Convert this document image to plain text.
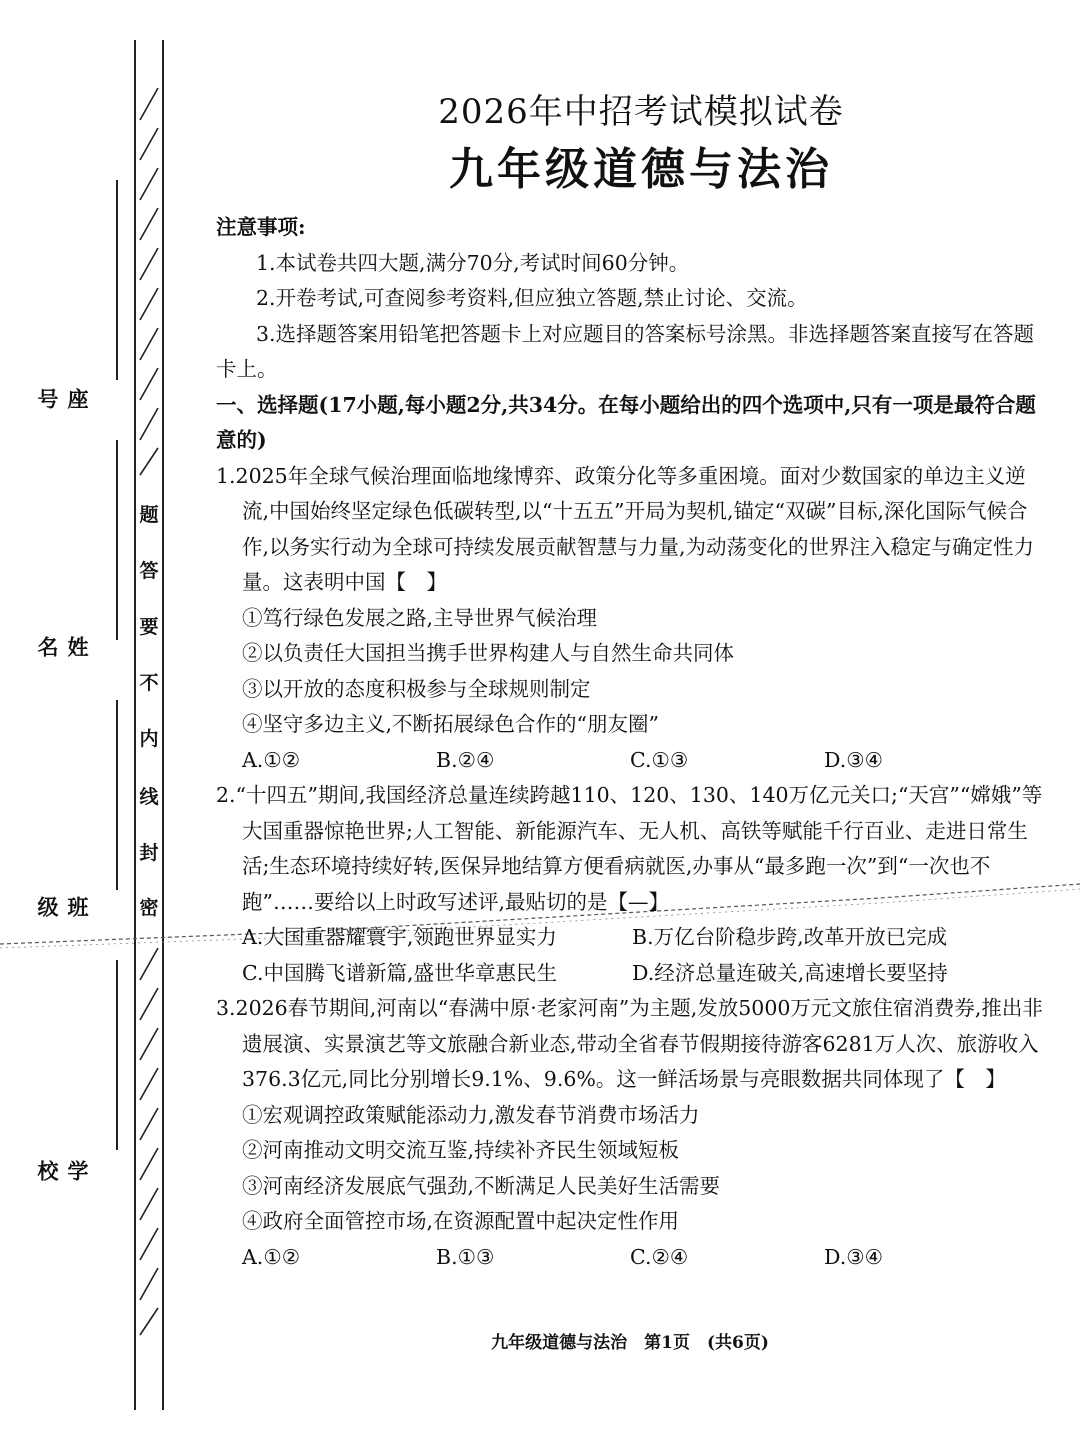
题
答
要
不
内
线
封
密
座号
姓名
班级
学校
2026年中招考试模拟试卷
九年级道德与法治
注意事项:
1.本试卷共四大题,满分70分,考试时间60分钟。
2.开卷考试,可查阅参考资料,但应独立答题,禁止讨论、交流。
3.选择题答案用铅笔把答题卡上对应题目的答案标号涂黑。非选择题答案直接写在答题卡上。
一、选择题(17小题,每小题2分,共34分。在每小题给出的四个选项中,只有一项是最符合题意的)
1.2025年全球气候治理面临地缘博弈、政策分化等多重困境。面对少数国家的单边主义逆流,中国始终坚定绿色低碳转型,以“十五五”开局为契机,锚定“双碳”目标,深化国际气候合作,以务实行动为全球可持续发展贡献智慧与力量,为动荡变化的世界注入稳定与确定性力量。这表明中国【　】
①笃行绿色发展之路,主导世界气候治理
②以负责任大国担当携手世界构建人与自然生命共同体
③以开放的态度积极参与全球规则制定
④坚守多边主义,不断拓展绿色合作的“朋友圈”
A.①②	B.②④	C.①③	D.③④
2.“十四五”期间,我国经济总量连续跨越110、120、130、140万亿元关口;“天宫”“嫦娥”等大国重器惊艳世界;人工智能、新能源汽车、无人机、高铁等赋能千行百业、走进日常生活;生态环境持续好转,医保异地结算方便看病就医,办事从“最多跑一次”到“一次也不跑”……要给以上时政写述评,最贴切的是【—】
A.大国重器耀寰宇,领跑世界显实力	B.万亿台阶稳步跨,改革开放已完成
C.中国腾飞谱新篇,盛世华章惠民生	D.经济总量连破关,高速增长要坚持
3.2026春节期间,河南以“春满中原·老家河南”为主题,发放5000万元文旅住宿消费券,推出非遗展演、实景演艺等文旅融合新业态,带动全省春节假期接待游客6281万人次、旅游收入376.3亿元,同比分别增长9.1%、9.6%。这一鲜活场景与亮眼数据共同体现了【　】
①宏观调控政策赋能添动力,激发春节消费市场活力
②河南推动文明交流互鉴,持续补齐民生领域短板
③河南经济发展底气强劲,不断满足人民美好生活需要
④政府全面管控市场,在资源配置中起决定性作用
A.①②	B.①③	C.②④	D.③④
九年级道德与法治　第1页　(共6页)
